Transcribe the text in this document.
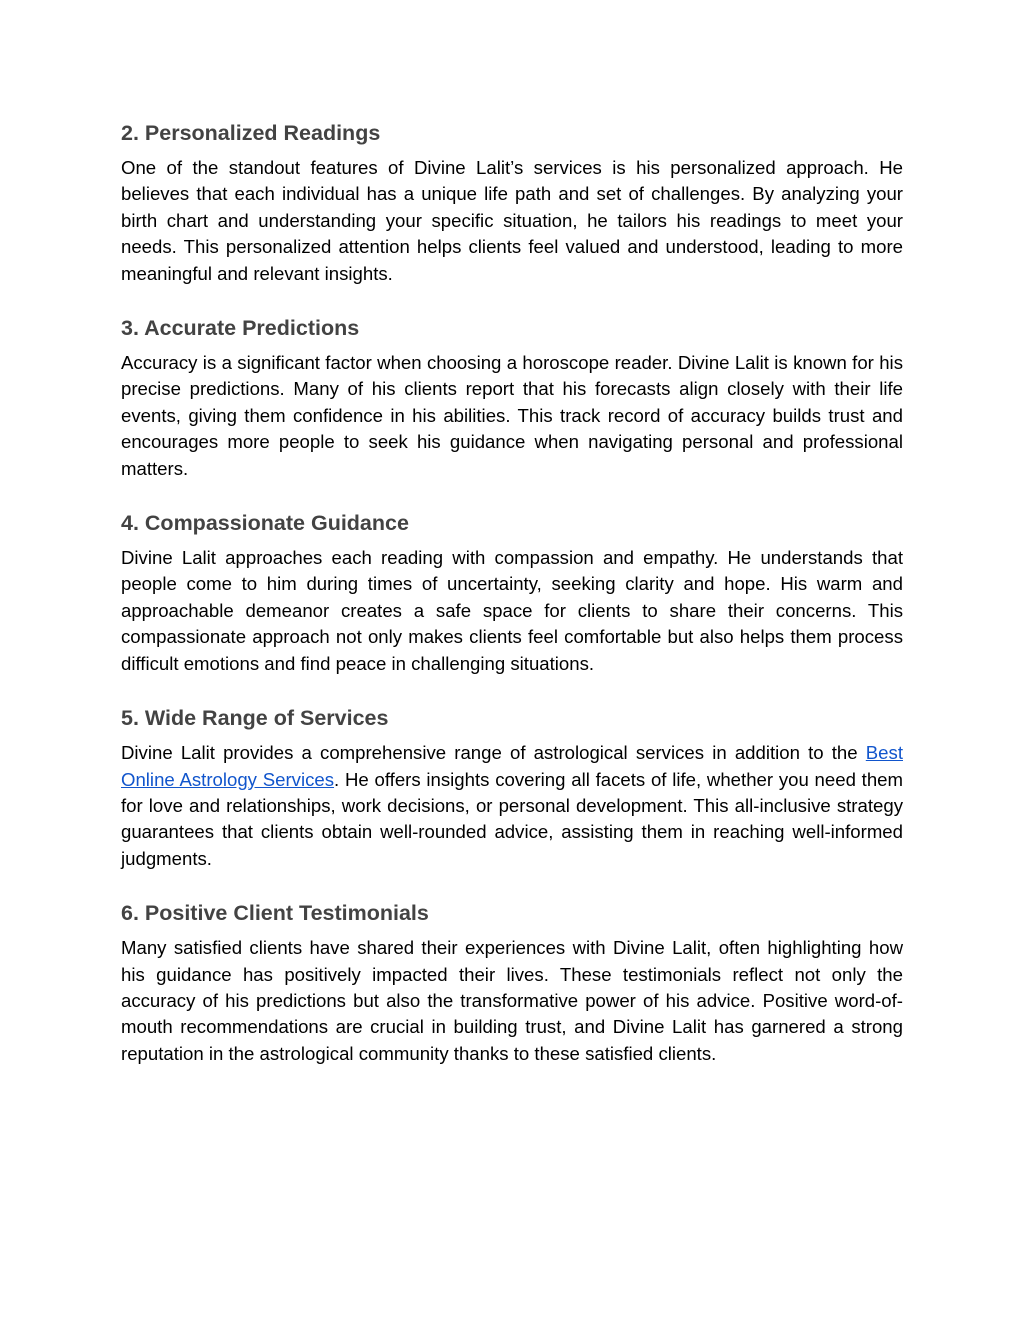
2. Personalized Readings

One of the standout features of Divine Lalit’s services is his personalized approach. He believes that each individual has a unique life path and set of challenges. By analyzing your birth chart and understanding your specific situation, he tailors his readings to meet your needs. This personalized attention helps clients feel valued and understood, leading to more meaningful and relevant insights.

3. Accurate Predictions

Accuracy is a significant factor when choosing a horoscope reader. Divine Lalit is known for his precise predictions. Many of his clients report that his forecasts align closely with their life events, giving them confidence in his abilities. This track record of accuracy builds trust and encourages more people to seek his guidance when navigating personal and professional matters.

4. Compassionate Guidance

Divine Lalit approaches each reading with compassion and empathy. He understands that people come to him during times of uncertainty, seeking clarity and hope. His warm and approachable demeanor creates a safe space for clients to share their concerns. This compassionate approach not only makes clients feel comfortable but also helps them process difficult emotions and find peace in challenging situations.

5. Wide Range of Services

Divine Lalit provides a comprehensive range of astrological services in addition to the Best Online Astrology Services. He offers insights covering all facets of life, whether you need them for love and relationships, work decisions, or personal development. This all-inclusive strategy guarantees that clients obtain well-rounded advice, assisting them in reaching well-informed judgments.

6. Positive Client Testimonials

Many satisfied clients have shared their experiences with Divine Lalit, often highlighting how his guidance has positively impacted their lives. These testimonials reflect not only the accuracy of his predictions but also the transformative power of his advice. Positive word-of-mouth recommendations are crucial in building trust, and Divine Lalit has garnered a strong reputation in the astrological community thanks to these satisfied clients.
